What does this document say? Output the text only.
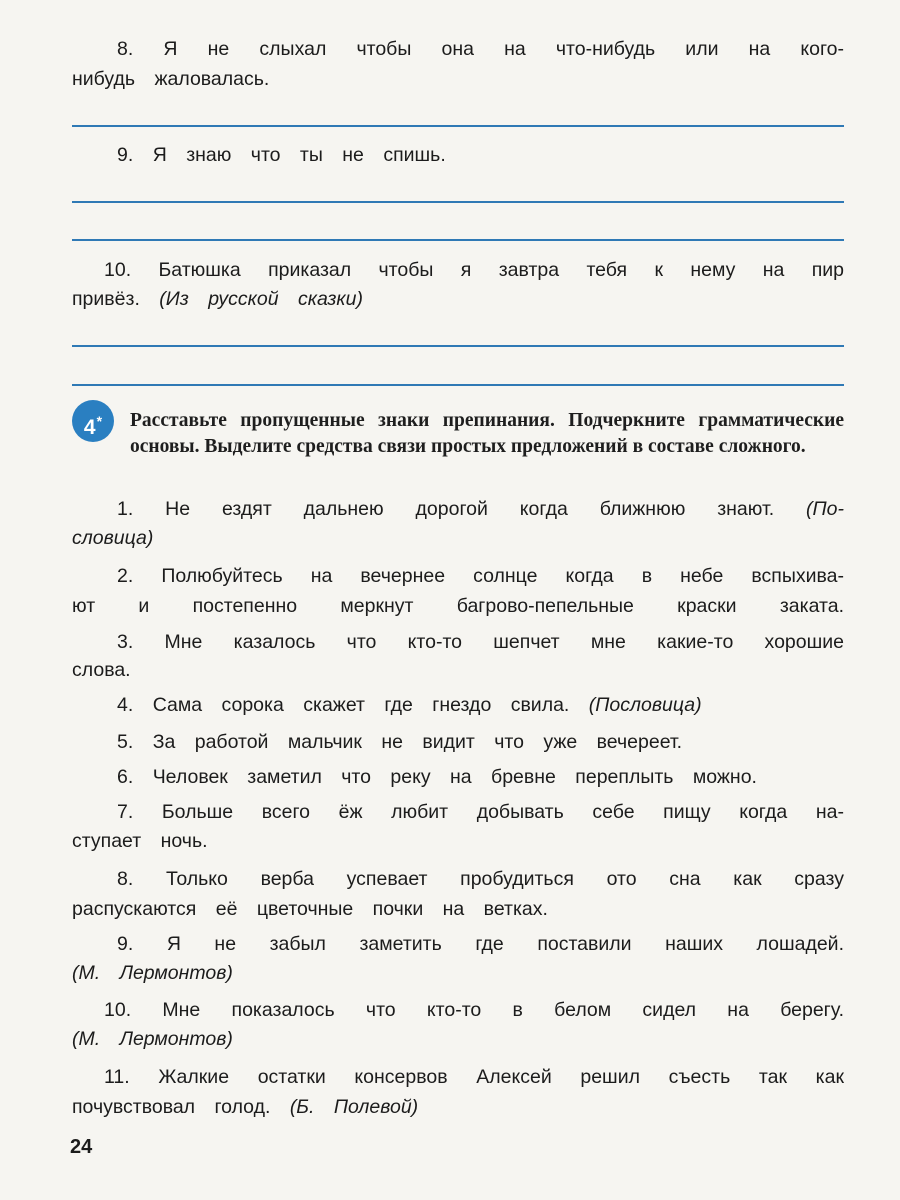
8. Я не слыхал чтобы она на что-нибудь или на кого-
нибудь жаловалась.
9. Я знаю что ты не спишь.
10. Батюшка приказал чтобы я завтра тебя к нему на пир
привёз. (Из русской сказки)
4*	Расставьте пропущенные знаки препинания. Подчеркните грамматические основы. Выделите средства связи простых предложений в составе сложного.
1. Не ездят дальнею дорогой когда ближнюю знают. (По-
словица)
2. Полюбуйтесь на вечернее солнце когда в небе вспыхива-
ют и постепенно меркнут багрово-пепельные краски заката.
3. Мне казалось что кто-то шепчет мне какие-то хорошие
слова.
4. Сама сорока скажет где гнездо свила. (Пословица)
5. За работой мальчик не видит что уже вечереет.
6. Человек заметил что реку на бревне переплыть можно.
7. Больше всего ёж любит добывать себе пищу когда на-
ступает ночь.
8. Только верба успевает пробудиться ото сна как сразу
распускаются её цветочные почки на ветках.
9. Я не забыл заметить где поставили наших лошадей.
(М. Лермонтов)
10. Мне показалось что кто-то в белом сидел на берегу.
(М. Лермонтов)
11. Жалкие остатки консервов Алексей решил съесть так как
почувствовал голод. (Б. Полевой)
24
